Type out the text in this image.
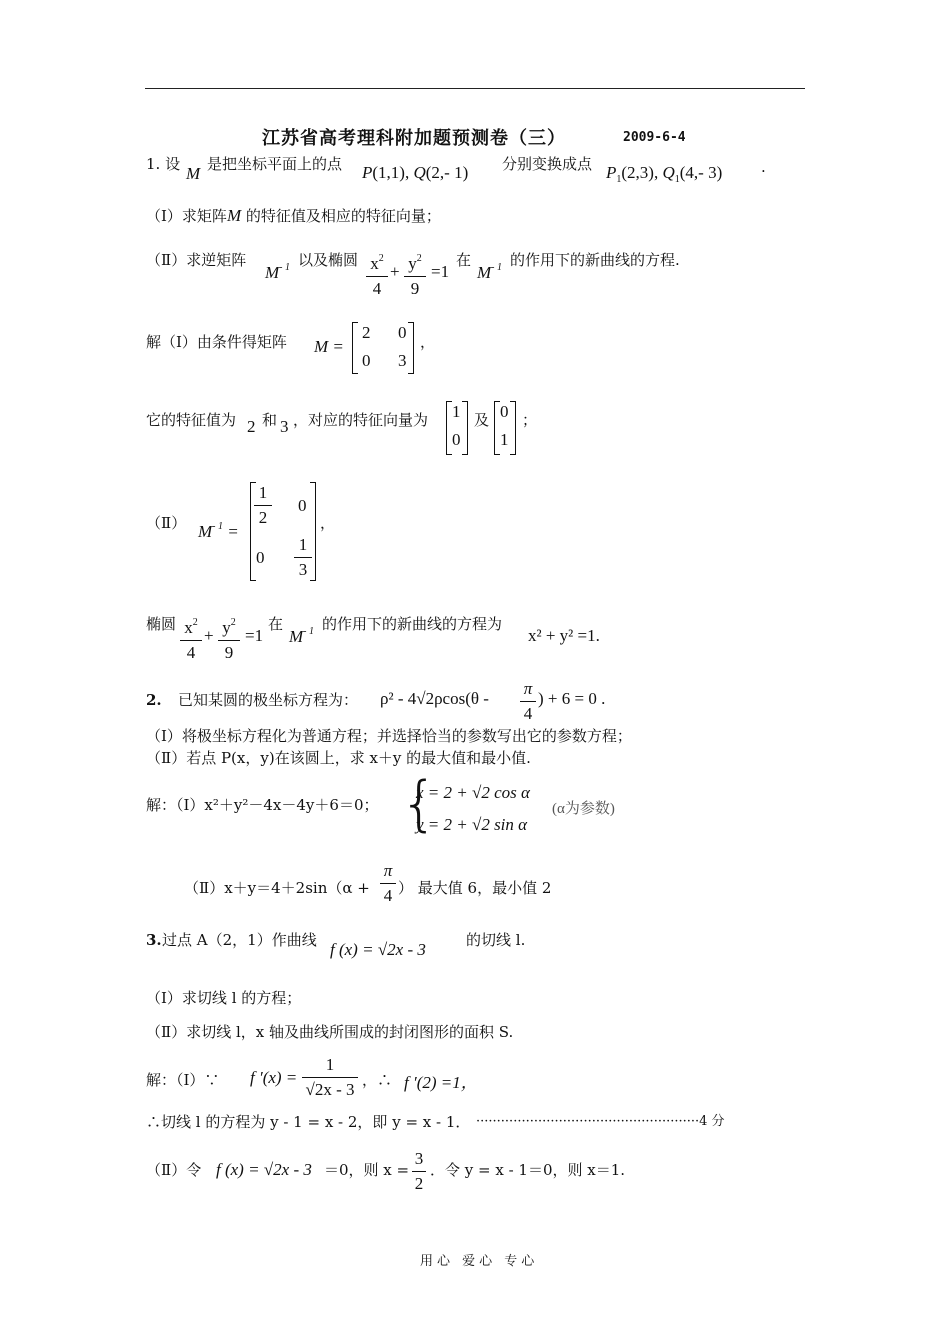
江苏省高考理科附加题预测卷（三）	2009-6-4
1. 设 M 是把坐标平面上的点 P(1,1), Q(2,- 1) 分别变换成点 $P_1(2,3)$, $Q_1(4,-$ 3)	.
（Ⅰ）求矩阵M 的特征值及相应的特征向量；
（Ⅱ）求逆矩阵
$M^{- 1}$ 以及椭圆 $x^2$
4
+ $y^2$
9
=1
在
$M^{- 1}$ 的作用下的新曲线的方程.
解（Ⅰ）由条件得矩阵 M =
2 0
0 3
，
它的特征值为 2 和 3 ，对应的特征向量为 1
0
及 0
1
；
（Ⅱ） $M^{- 1}$ =
1
2
0
0
1
3
，
椭圆 $x^2$
4
+ $y^2$
9
=1
在
$M^{- 1}$ 的作用下的新曲线的方程为
x² + y² =1.
2. 已知某圆的极坐标方程为： ρ² - 4√2ρcos(θ -
π
4
) + 6 = 0 .
（Ⅰ）将极坐标方程化为普通方程；并选择恰当的参数写出它的参数方程；
（Ⅱ）若点 P(x，y)在该圆上，求 x＋y 的最大值和最小值.
解：（Ⅰ）x²＋y²－4x－4y＋6＝0； {
x = 2 + √2 cos α
y = 2 + √2 sin α
(α为参数)
（Ⅱ）x＋y＝4＋2sin（α +
π
4 ） 最大值 6，最小值 2
3. 过点 A（2，1）作曲线 f (x) = √2x - 3	的切线 l.
（Ⅰ）求切线 l 的方程；
（Ⅱ）求切线 l，x 轴及曲线所围成的封闭图形的面积 S.
解：（Ⅰ）∵ f ′(x) =
1
√2x - 3 ，∴ f ′(2) =1，
∴切线 l 的方程为 y - 1 = x - 2，即 y = x - 1． ······················································4 分
（Ⅱ）令 f (x) = √2x - 3 ＝0，则 x =
3
2
．令 y = x - 1＝0，则 x＝1.
用心 爱心 专心
